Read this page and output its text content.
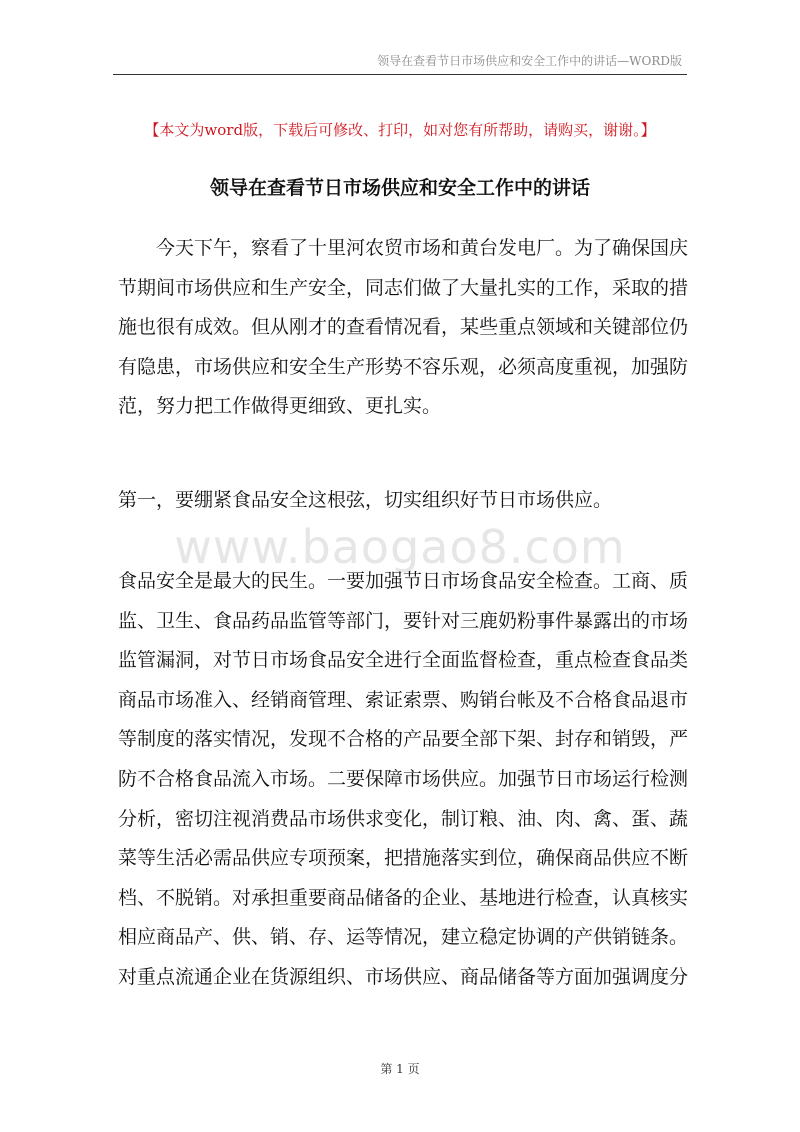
领导在查看节日市场供应和安全工作中的讲话—WORD版
【本文为word版，下载后可修改、打印，如对您有所帮助，请购买，谢谢。】
领导在查看节日市场供应和安全工作中的讲话
www.baogao8.com
　　今天下午，察看了十里河农贸市场和黄台发电厂。为了确保国庆
节期间市场供应和生产安全，同志们做了大量扎实的工作，采取的措
施也很有成效。但从刚才的查看情况看，某些重点领域和关键部位仍
有隐患，市场供应和安全生产形势不容乐观，必须高度重视，加强防
范，努力把工作做得更细致、更扎实。
第一，要绷紧食品安全这根弦，切实组织好节日市场供应。
食品安全是最大的民生。一要加强节日市场食品安全检查。工商、质
监、卫生、食品药品监管等部门，要针对三鹿奶粉事件暴露出的市场
监管漏洞，对节日市场食品安全进行全面监督检查，重点检查食品类
商品市场准入、经销商管理、索证索票、购销台帐及不合格食品退市
等制度的落实情况，发现不合格的产品要全部下架、封存和销毁，严
防不合格食品流入市场。二要保障市场供应。加强节日市场运行检测
分析，密切注视消费品市场供求变化，制订粮、油、肉、禽、蛋、蔬
菜等生活必需品供应专项预案，把措施落实到位，确保商品供应不断
档、不脱销。对承担重要商品储备的企业、基地进行检查，认真核实
相应商品产、供、销、存、运等情况，建立稳定协调的产供销链条。
对重点流通企业在货源组织、市场供应、商品储备等方面加强调度分
第 1 页
